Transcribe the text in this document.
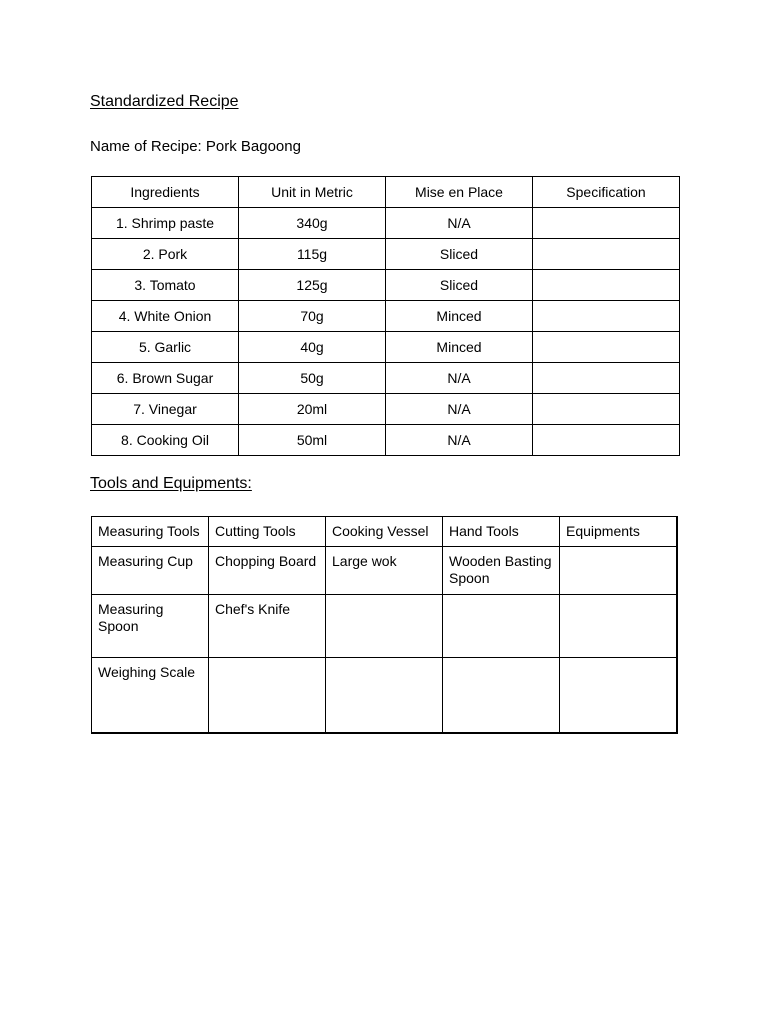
Standardized Recipe
Name of Recipe: Pork Bagoong
Ingredients	Unit in Metric	Mise en Place	Specification
1. Shrimp paste	340g	N/A	
2. Pork	115g	Sliced	
3. Tomato	125g	Sliced	
4. White Onion	70g	Minced	
5. Garlic	40g	Minced	
6. Brown Sugar	50g	N/A	
7. Vinegar	20ml	N/A	
8. Cooking Oil	50ml	N/A	
Tools and Equipments:
Measuring Tools	Cutting Tools	Cooking Vessel	Hand Tools	Equipments
Measuring Cup	Chopping Board	Large wok	Wooden Basting Spoon	
Measuring Spoon	Chef's Knife			
Weighing Scale				
